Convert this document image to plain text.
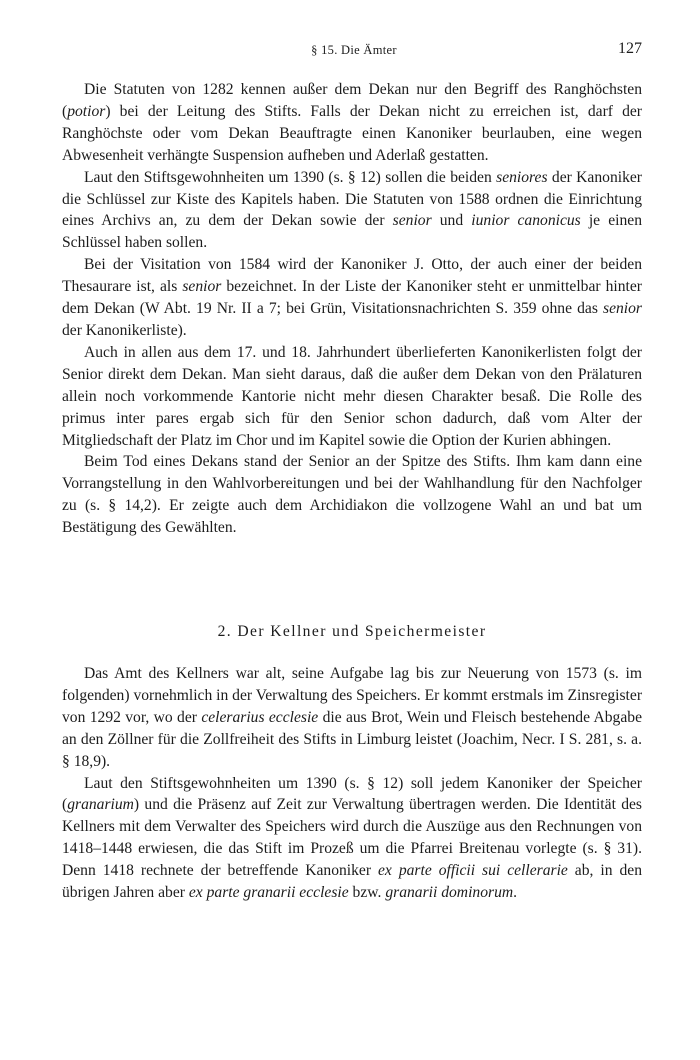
§ 15. Die Ämter	127

Die Statuten von 1282 kennen außer dem Dekan nur den Begriff des Ranghöchsten (potior) bei der Leitung des Stifts. Falls der Dekan nicht zu erreichen ist, darf der Ranghöchste oder vom Dekan Beauftragte einen Kanoniker beurlauben, eine wegen Abwesenheit verhängte Suspension aufheben und Aderlaß gestatten.

Laut den Stiftsgewohnheiten um 1390 (s. § 12) sollen die beiden seniores der Kanoniker die Schlüssel zur Kiste des Kapitels haben. Die Statuten von 1588 ordnen die Einrichtung eines Archivs an, zu dem der Dekan sowie der senior und iunior canonicus je einen Schlüssel haben sollen.

Bei der Visitation von 1584 wird der Kanoniker J. Otto, der auch einer der beiden Thesaurare ist, als senior bezeichnet. In der Liste der Kanoniker steht er unmittelbar hinter dem Dekan (W Abt. 19 Nr. II a 7; bei Grün, Visitationsnachrichten S. 359 ohne das senior der Kanonikerliste).

Auch in allen aus dem 17. und 18. Jahrhundert überlieferten Kanonikerlisten folgt der Senior direkt dem Dekan. Man sieht daraus, daß die außer dem Dekan von den Prälaturen allein noch vorkommende Kantorie nicht mehr diesen Charakter besaß. Die Rolle des primus inter pares ergab sich für den Senior schon dadurch, daß vom Alter der Mitgliedschaft der Platz im Chor und im Kapitel sowie die Option der Kurien abhingen.

Beim Tod eines Dekans stand der Senior an der Spitze des Stifts. Ihm kam dann eine Vorrangstellung in den Wahlvorbereitungen und bei der Wahlhandlung für den Nachfolger zu (s. § 14,2). Er zeigte auch dem Archidiakon die vollzogene Wahl an und bat um Bestätigung des Gewählten.

2. Der Kellner und Speichermeister

Das Amt des Kellners war alt, seine Aufgabe lag bis zur Neuerung von 1573 (s. im folgenden) vornehmlich in der Verwaltung des Speichers. Er kommt erstmals im Zinsregister von 1292 vor, wo der celerarius ecclesie die aus Brot, Wein und Fleisch bestehende Abgabe an den Zöllner für die Zollfreiheit des Stifts in Limburg leistet (Joachim, Necr. I S. 281, s. a. § 18,9).

Laut den Stiftsgewohnheiten um 1390 (s. § 12) soll jedem Kanoniker der Speicher (granarium) und die Präsenz auf Zeit zur Verwaltung übertragen werden. Die Identität des Kellners mit dem Verwalter des Speichers wird durch die Auszüge aus den Rechnungen von 1418–1448 erwiesen, die das Stift im Prozeß um die Pfarrei Breitenau vorlegte (s. § 31). Denn 1418 rechnete der betreffende Kanoniker ex parte officii sui cellerarie ab, in den übrigen Jahren aber ex parte granarii ecclesie bzw. granarii dominorum.
